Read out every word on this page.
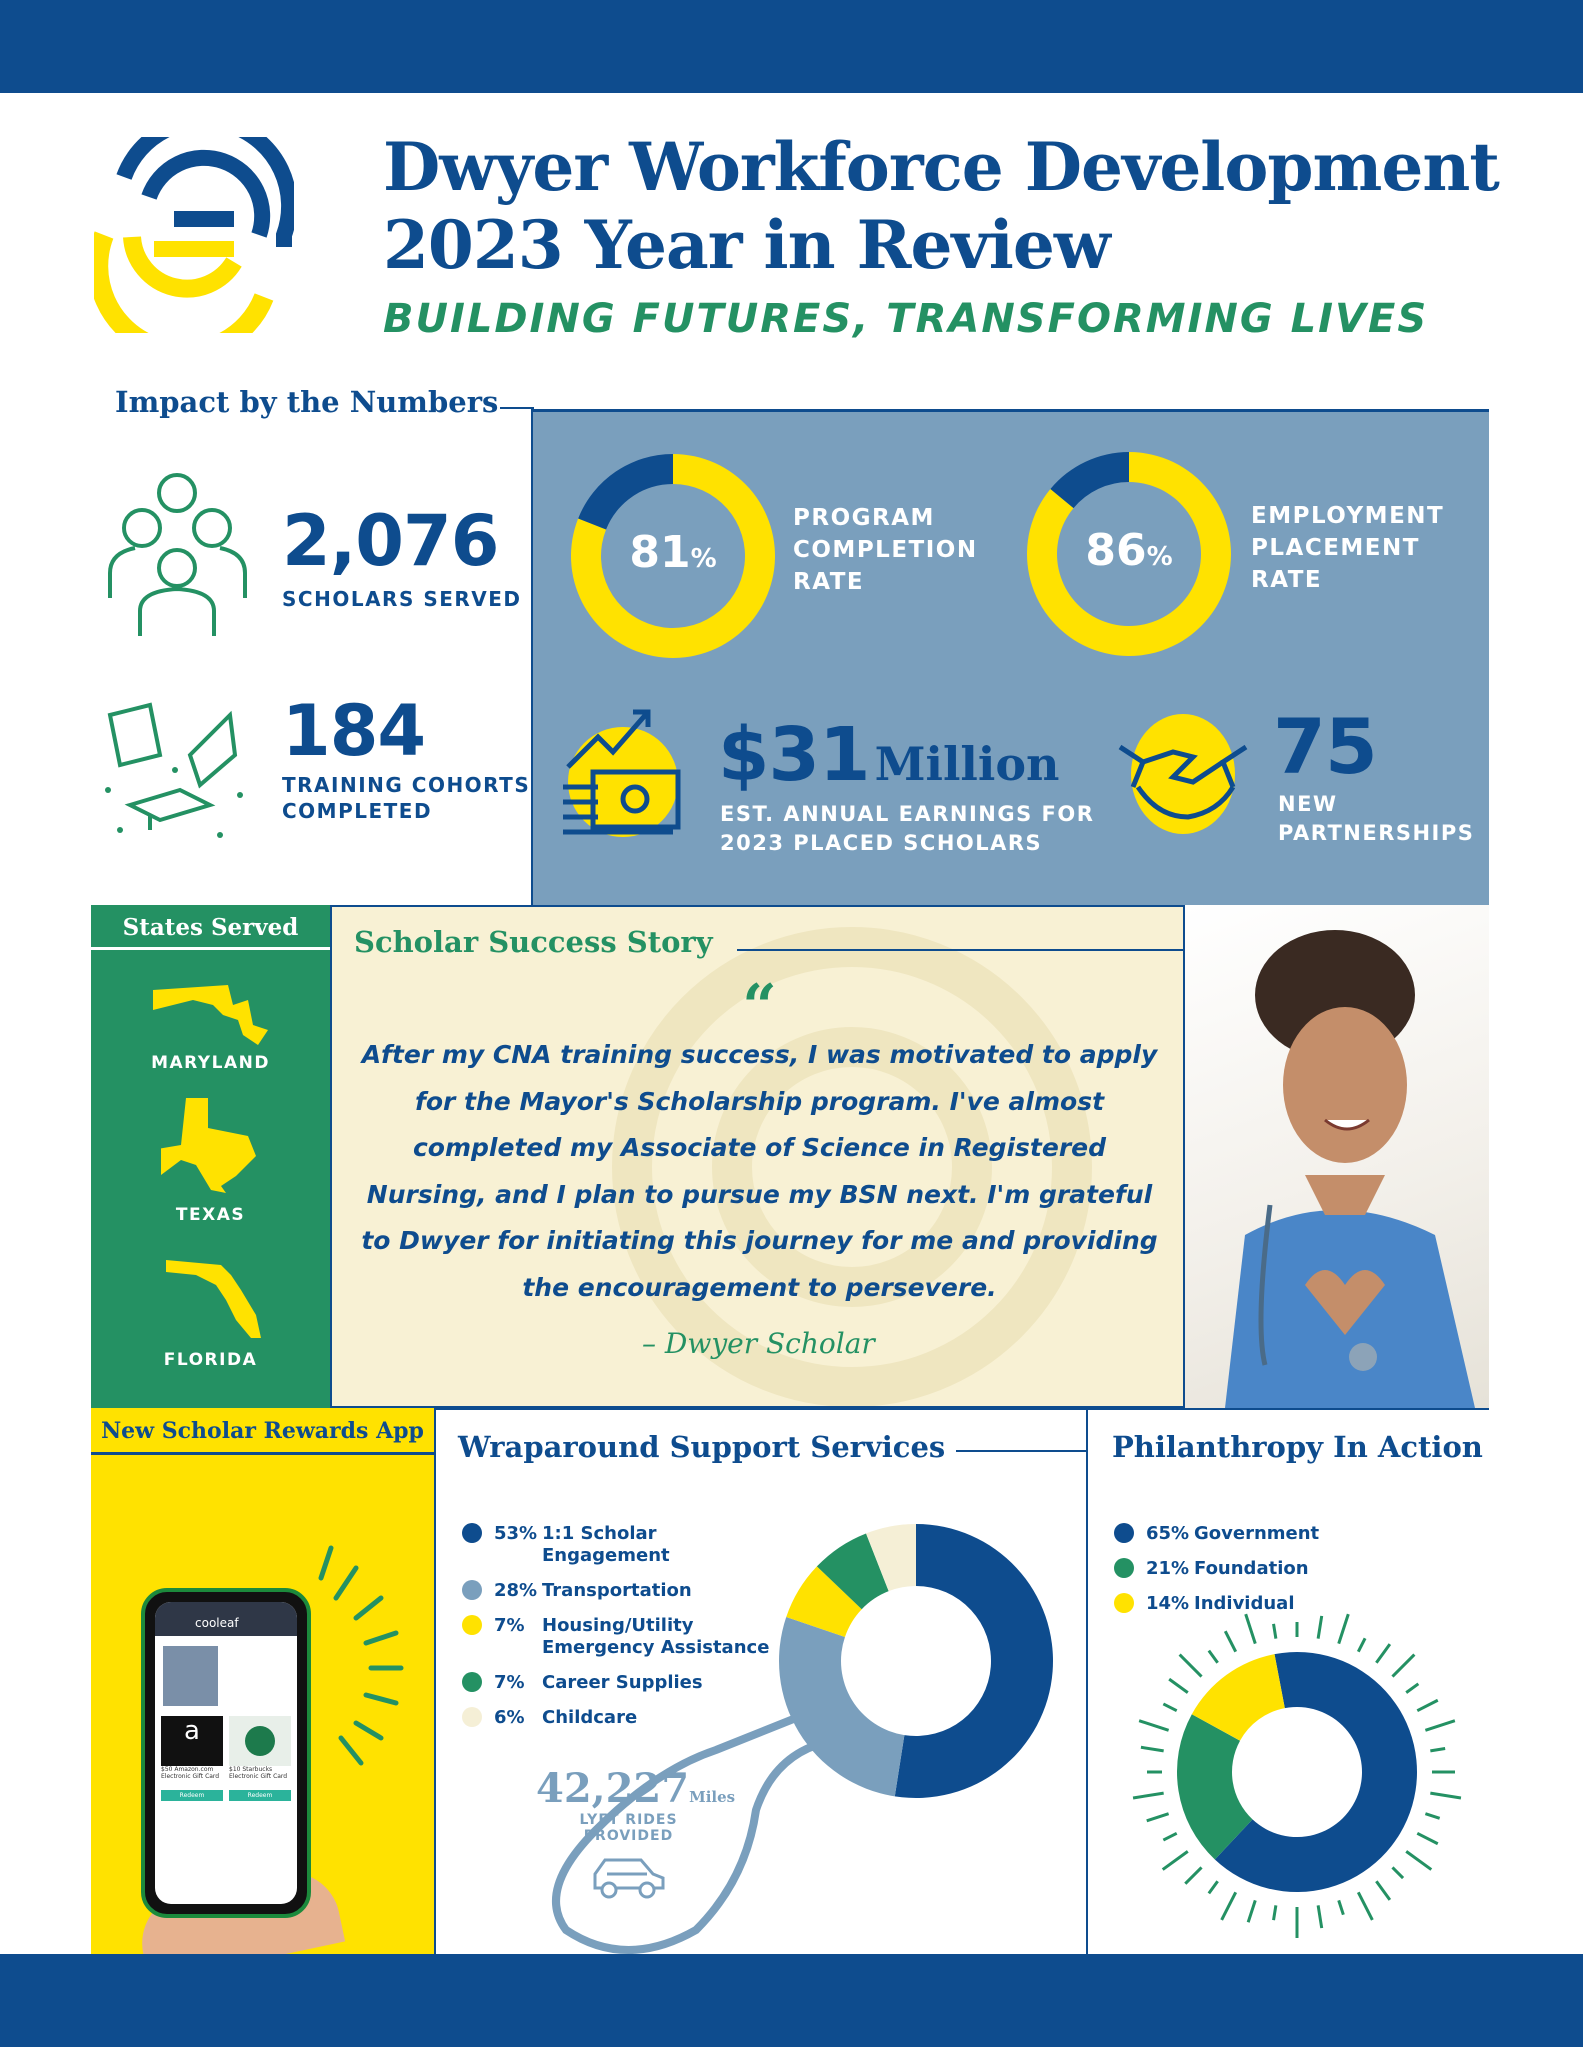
Dwyer Workforce Development
2023 Year in Review
BUILDING FUTURES, TRANSFORMING LIVES
Impact by the Numbers
2,076
SCHOLARS SERVED
184
TRAINING COHORTS
COMPLETED
81%
PROGRAM
COMPLETION
RATE
86%
EMPLOYMENT
PLACEMENT
RATE
$31 Million
EST. ANNUAL EARNINGS FOR
2023 PLACED SCHOLARS
75
NEW
PARTNERSHIPS
States Served
MARYLAND
TEXAS
FLORIDA
Scholar Success Story
“
After my CNA training success, I was motivated to apply
for the Mayor's Scholarship program. I've almost
completed my Associate of Science in Registered
Nursing, and I plan to pursue my BSN next. I'm grateful
to Dwyer for initiating this journey for me and providing
the encouragement to persevere.
– Dwyer Scholar
New Scholar Rewards App
cooleaf
a
$50 Amazon.com Electronic Gift Card
Redeem
$10 Starbucks Electronic Gift Card
Redeem
Wraparound Support Services
53% 1:1 Scholar Engagement
28% Transportation
7% Housing/Utility
Emergency Assistance
7% Career Supplies
6% Childcare
42,227Miles
LYFT RIDES PROVIDED
Philanthropy In Action
65% Government
21% Foundation
14% Individual
